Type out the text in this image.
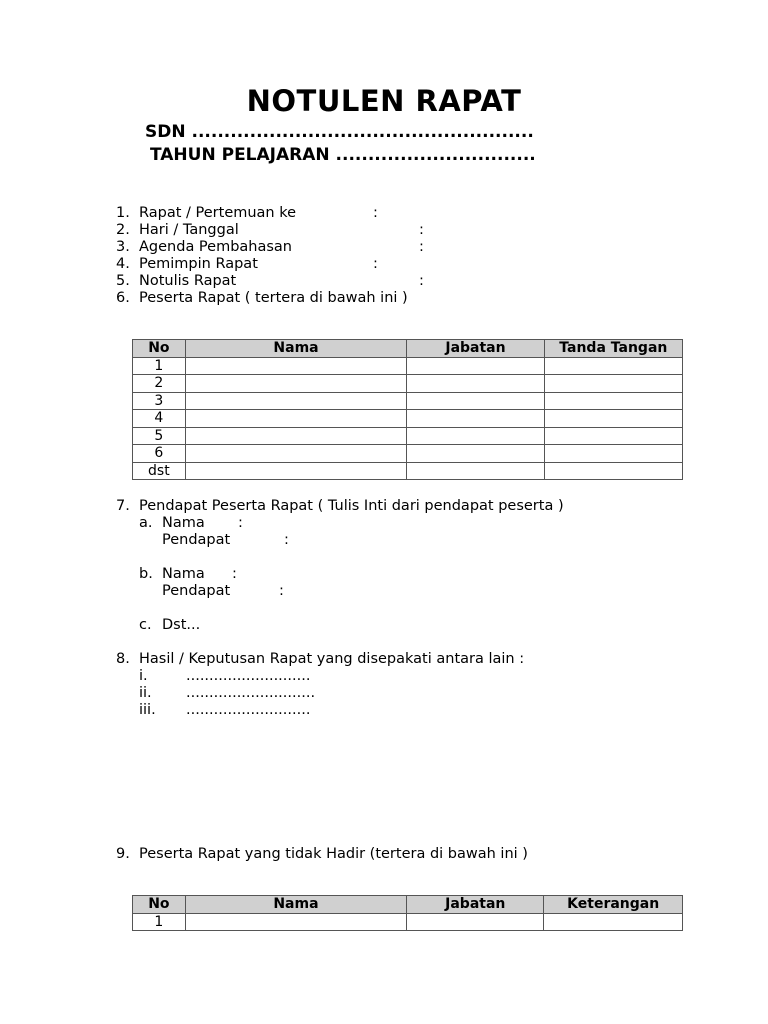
NOTULEN RAPAT
SDN .....................................................
TAHUN PELAJARAN ...............................
1. Rapat / Pertemuan ke	:
2. Hari / Tanggal	:
3. Agenda Pembahasan	:
4. Pemimpin Rapat	:
5. Notulis Rapat	:
6. Peserta Rapat ( tertera di bawah ini )
No	Nama	Jabatan	Tanda Tangan
1			
2			
3			
4			
5			
6			
dst			
7. Pendapat Peserta Rapat ( Tulis Inti dari pendapat peserta )
a. Nama :
Pendapat	:
b. Nama :
Pendapat	:
c. Dst...
8. Hasil / Keputusan Rapat yang disepakati antara lain :
i.	...........................
ii. ............................
iii. ...........................
9. Peserta Rapat yang tidak Hadir (tertera di bawah ini )
No	Nama	Jabatan	Keterangan
1			
